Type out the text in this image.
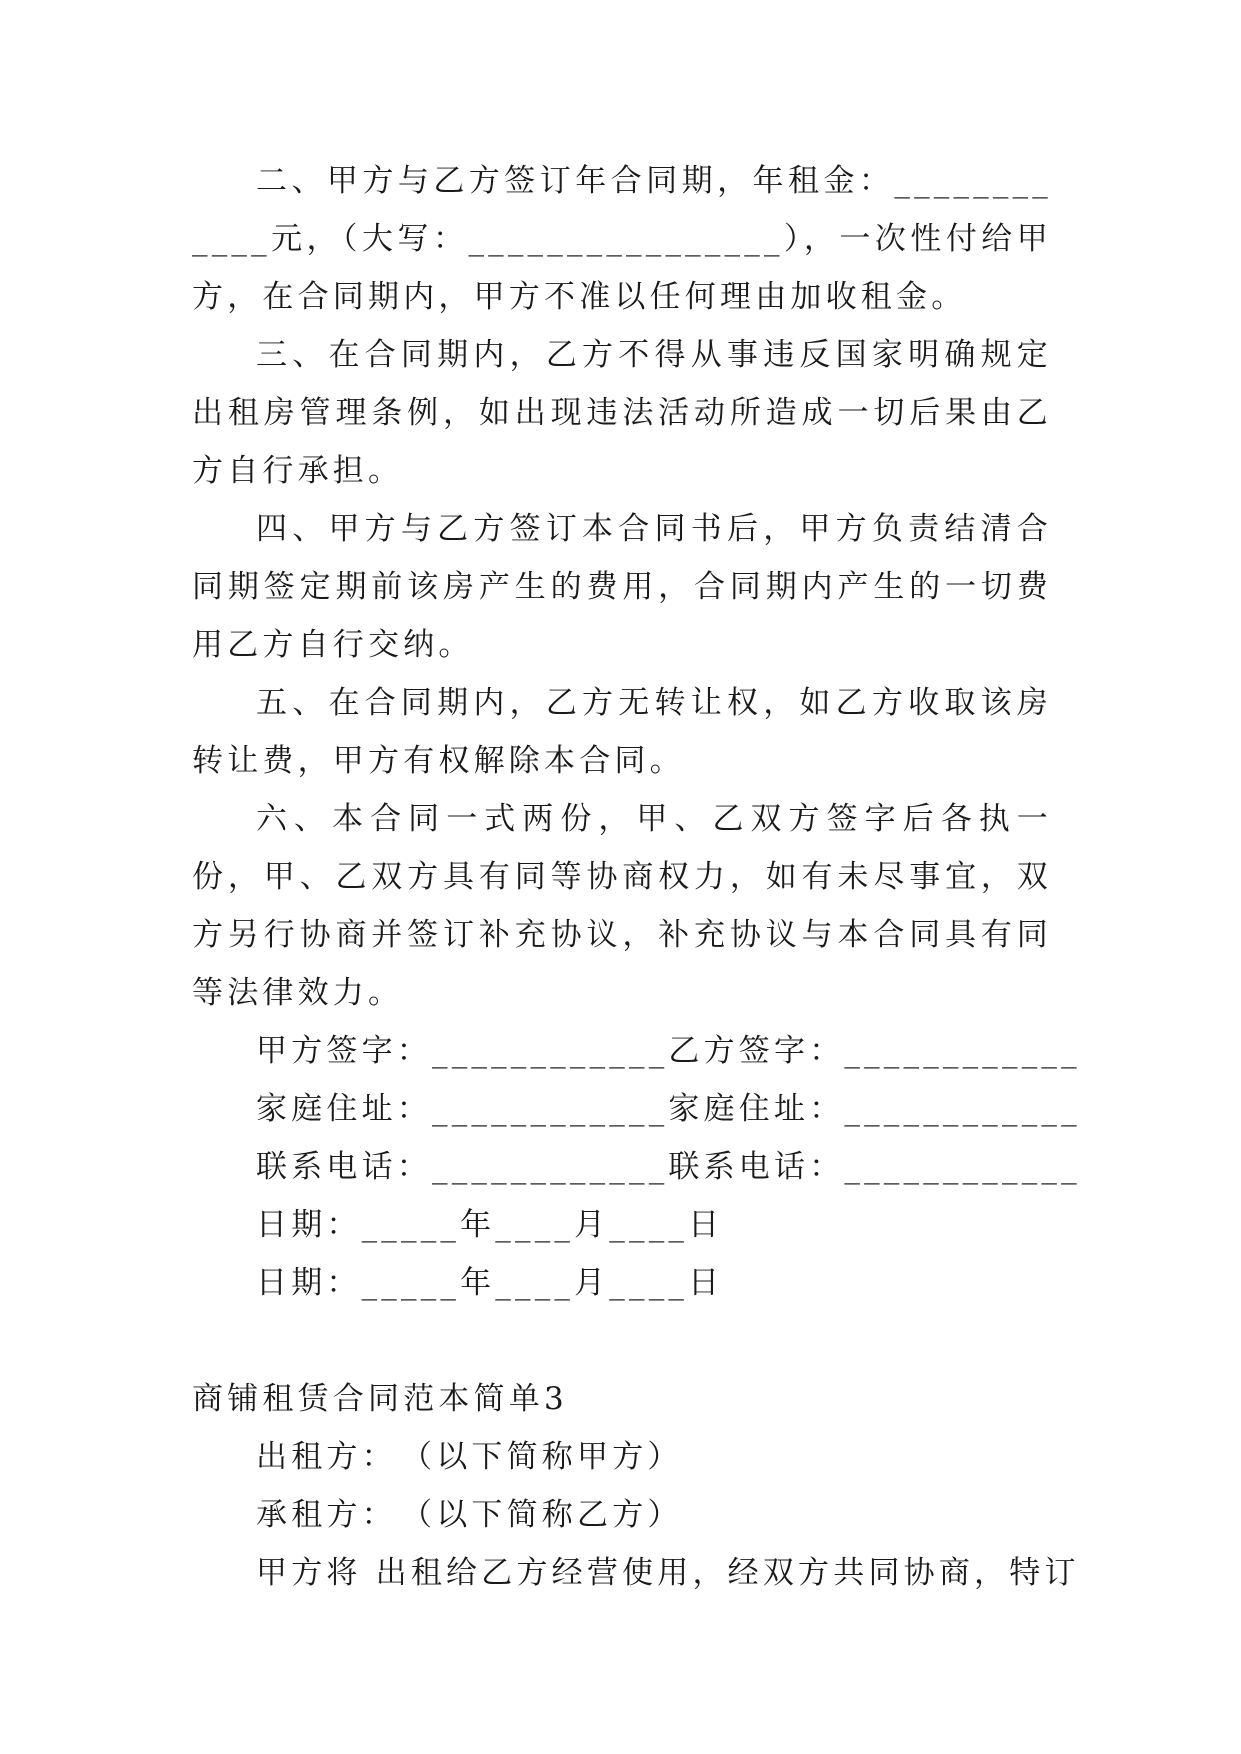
二、甲方与乙方签订年合同期，年租金：____________元，（大写：________________），一次性付给甲方，在合同期内，甲方不准以任何理由加收租金。

三、在合同期内，乙方不得从事违反国家明确规定出租房管理条例，如出现违法活动所造成一切后果由乙方自行承担。

四、甲方与乙方签订本合同书后，甲方负责结清合同期签定期前该房产生的费用，合同期内产生的一切费用乙方自行交纳。

五、在合同期内，乙方无转让权，如乙方收取该房转让费，甲方有权解除本合同。

六、本合同一式两份，甲、乙双方签字后各执一份，甲、乙双方具有同等协商权力，如有未尽事宜，双方另行协商并签订补充协议，补充协议与本合同具有同等法律效力。

甲方签字：____________乙方签字：____________

家庭住址：____________家庭住址：____________

联系电话：____________联系电话：____________

日期：_____年____月____日

日期：_____年____月____日

商铺租赁合同范本简单3

出租方：　（以下简称甲方）

承租方：　（以下简称乙方）

甲方将 出租给乙方经营使用，经双方共同协商，特订
